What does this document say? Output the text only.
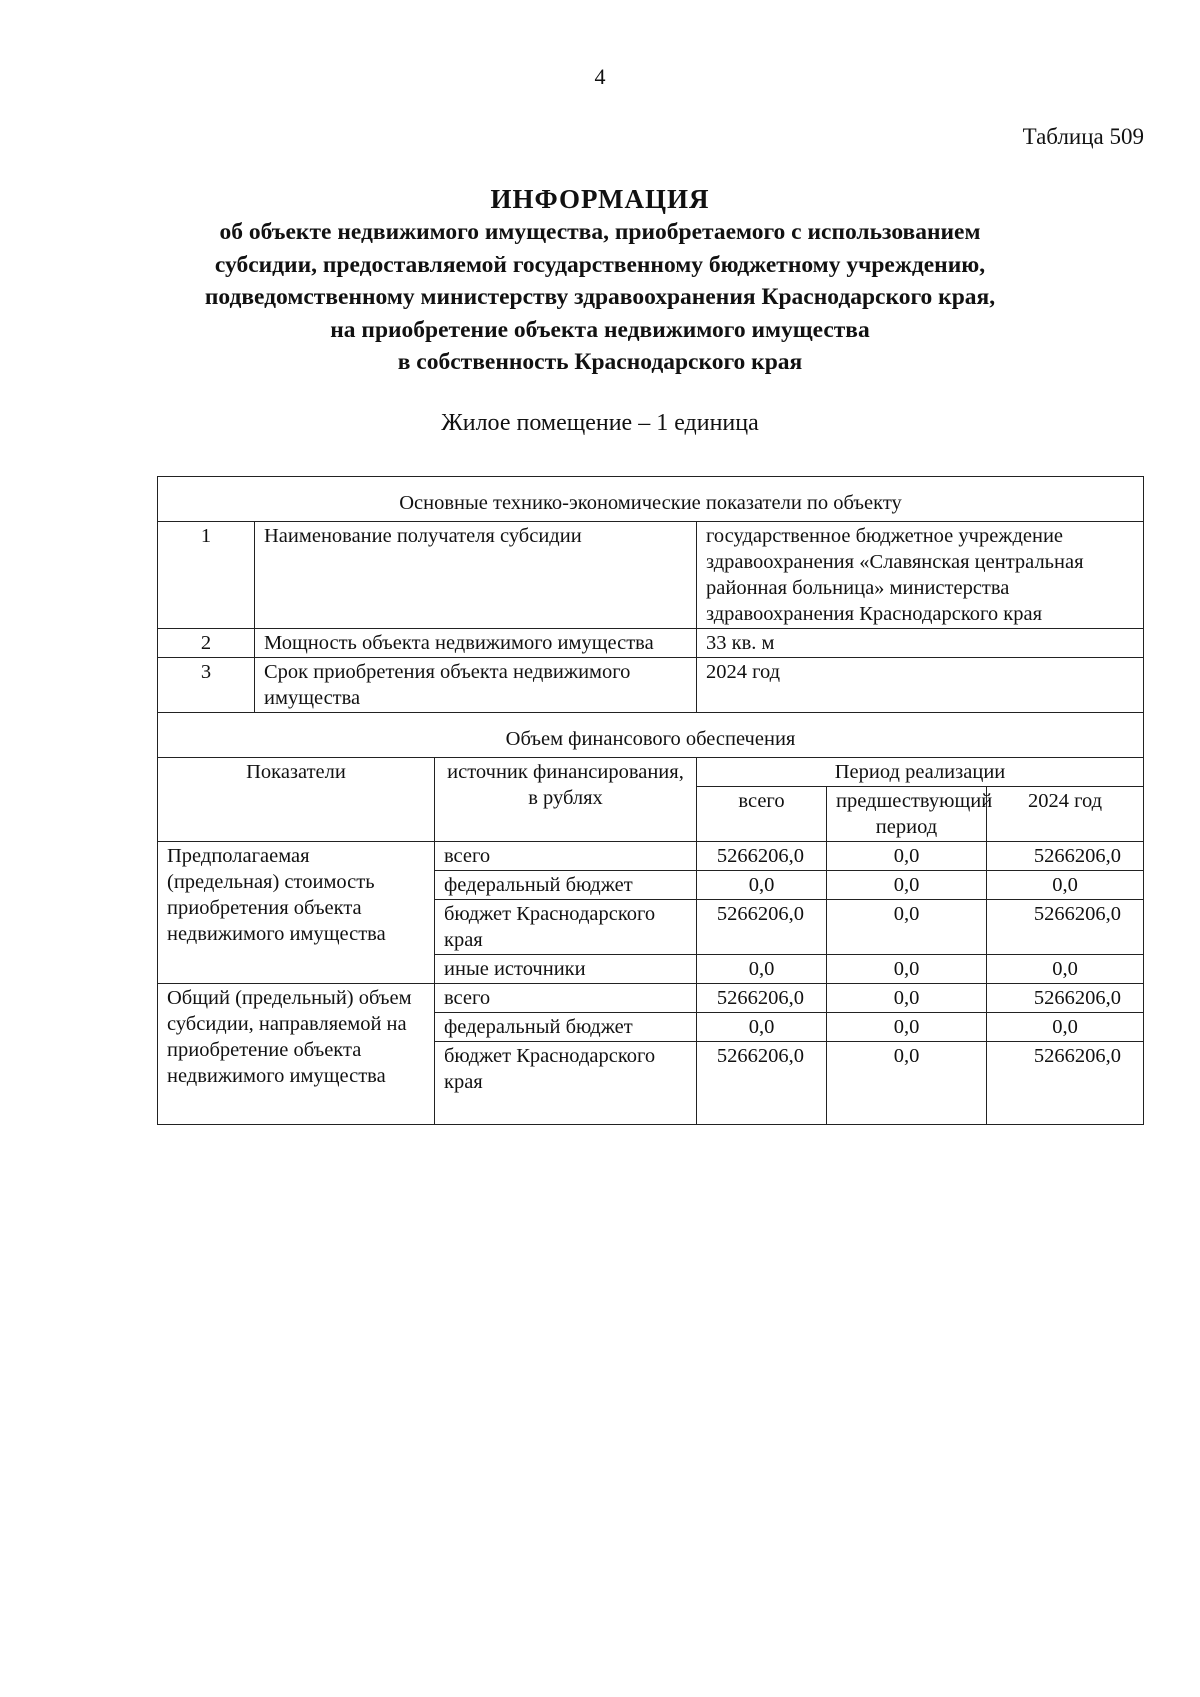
4
Таблица 509
ИНФОРМАЦИЯ
об объекте недвижимого имущества, приобретаемого с использованием
субсидии, предоставляемой государственному бюджетному учреждению,
подведомственному министерству здравоохранения Краснодарского края,
на приобретение объекта недвижимого имущества
в собственность Краснодарского края
Жилое помещение – 1 единица
Основные технико-экономические показатели по объекту					
1	Наименование получателя субсидии		государственное бюджетное учреждение здравоохранения «Славянская центральная районная больница» министерства здравоохранения Краснодарского края		
2	Мощность объекта недвижимого имущества		33 кв. м		
3	Срок приобретения объекта недвижимого имущества		2024 год		
Объем финансового обеспечения					
Показатели		источник финансирования, в рублях	Период реализации		
			всего	предшествующий период	2024 год
Предполагаемая (предельная) стоимость приобретения объекта недвижимого имущества		всего	5266206,0	0,0	5266206,0
		федеральный бюджет	0,0	0,0	0,0
		бюджет Краснодарского края	5266206,0	0,0	5266206,0
		иные источники	0,0	0,0	0,0
Общий (предельный) объем субсидии, направляемой на приобретение объекта недвижимого имущества		всего	5266206,0	0,0	5266206,0
		федеральный бюджет	0,0	0,0	0,0
		бюджет Краснодарского края	5266206,0	0,0	5266206,0
